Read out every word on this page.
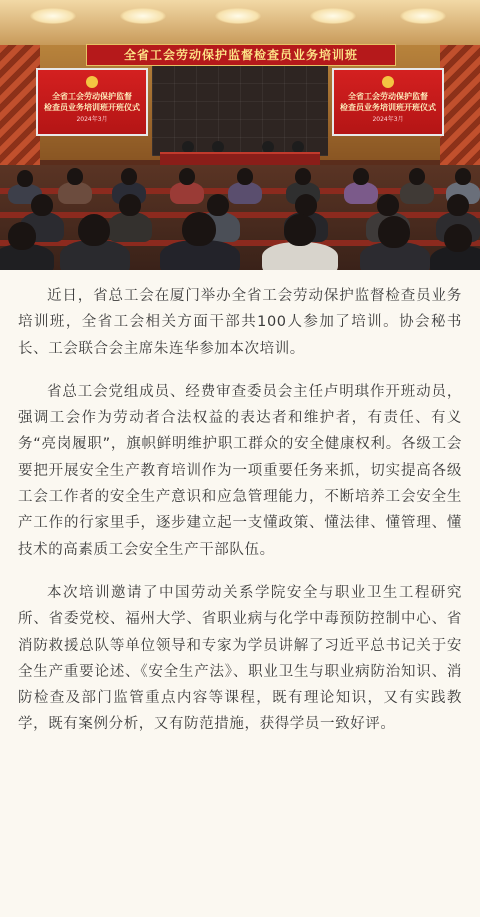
全省工会劳动保护监督检查员业务培训班
全省工会劳动保护监督
检查员业务培训班开班仪式
2024年3月
全省工会劳动保护监督
检查员业务培训班开班仪式
2024年3月

近日，省总工会在厦门举办全省工会劳动保护监督检查员业务培训班，全省工会相关方面干部共100人参加了培训。协会秘书长、工会联合会主席朱连华参加本次培训。

省总工会党组成员、经费审查委员会主任卢明琪作开班动员，强调工会作为劳动者合法权益的表达者和维护者，有责任、有义务“亮岗履职”，旗帜鲜明维护职工群众的安全健康权利。各级工会要把开展安全生产教育培训作为一项重要任务来抓，切实提高各级工会工作者的安全生产意识和应急管理能力，不断培养工会安全生产工作的行家里手，逐步建立起一支懂政策、懂法律、懂管理、懂技术的高素质工会安全生产干部队伍。

本次培训邀请了中国劳动关系学院安全与职业卫生工程研究所、省委党校、福州大学、省职业病与化学中毒预防控制中心、省消防救援总队等单位领导和专家为学员讲解了习近平总书记关于安全生产重要论述、《安全生产法》、职业卫生与职业病防治知识、消防检查及部门监管重点内容等课程，既有理论知识，又有实践教学，既有案例分析，又有防范措施，获得学员一致好评。
